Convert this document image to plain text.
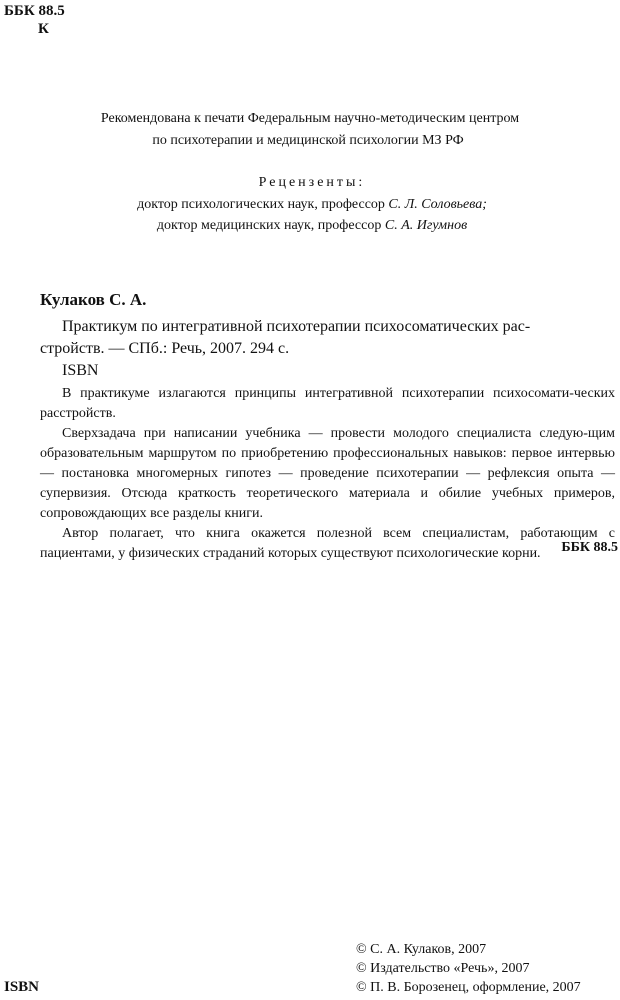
ББК 88.5
К
Рекомендована к печати Федеральным научно-методическим центром
по психотерапии и медицинской психологии МЗ РФ
Рецензенты:
доктор психологических наук, профессор С. Л. Соловьева;
доктор медицинских наук, профессор С. А. Игумнов
Кулаков С. А.
Практикум по интегративной психотерапии психосоматических рас-
стройств. — СПб.: Речь, 2007. 294 с.
ISBN

В практикуме излагаются принципы интегративной психотерапии психосомати-ческих расстройств.

Сверхзадача при написании учебника — провести молодого специалиста следую-щим образовательным маршрутом по приобретению профессиональных навыков: первое интервью — постановка многомерных гипотез — проведение психотерапии — рефлексия опыта — супервизия. Отсюда краткость теоретического материала и обилие учебных примеров, сопровождающих все разделы книги.

Автор полагает, что книга окажется полезной всем специалистам, работающим с пациентами, у физических страданий которых существуют психологические корни.	ББК 88.5
© С. А. Кулаков, 2007
© Издательство «Речь», 2007
© П. В. Борозенец, оформление, 2007
ISBN
